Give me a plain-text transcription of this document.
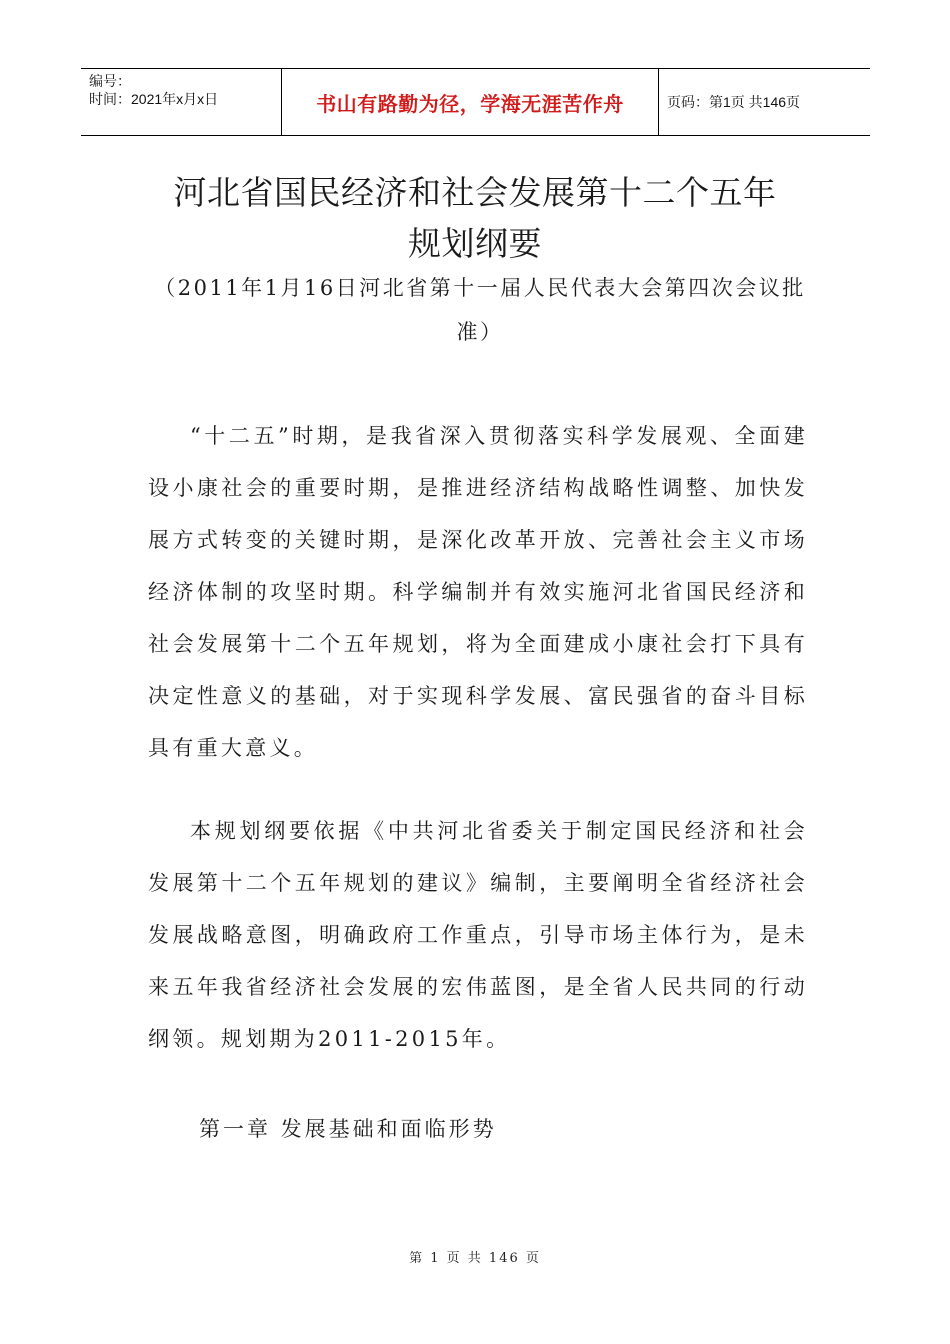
编号：
时间：2021年x月x日	书山有路勤为径，学海无涯苦作舟	页码：第1页 共146页
河北省国民经济和社会发展第十二个五年
规划纲要
（2011年1月16日河北省第十一届人民代表大会第四次会议批准）
“十二五”时期，是我省深入贯彻落实科学发展观、全面建设小康社会的重要时期，是推进经济结构战略性调整、加快发展方式转变的关键时期，是深化改革开放、完善社会主义市场经济体制的攻坚时期。科学编制并有效实施河北省国民经济和社会发展第十二个五年规划，将为全面建成小康社会打下具有决定性意义的基础，对于实现科学发展、富民强省的奋斗目标具有重大意义。
本规划纲要依据《中共河北省委关于制定国民经济和社会发展第十二个五年规划的建议》编制，主要阐明全省经济社会发展战略意图，明确政府工作重点，引导市场主体行为，是未来五年我省经济社会发展的宏伟蓝图，是全省人民共同的行动纲领。规划期为2011-2015年。
第一章 发展基础和面临形势
第 1 页 共 146 页
